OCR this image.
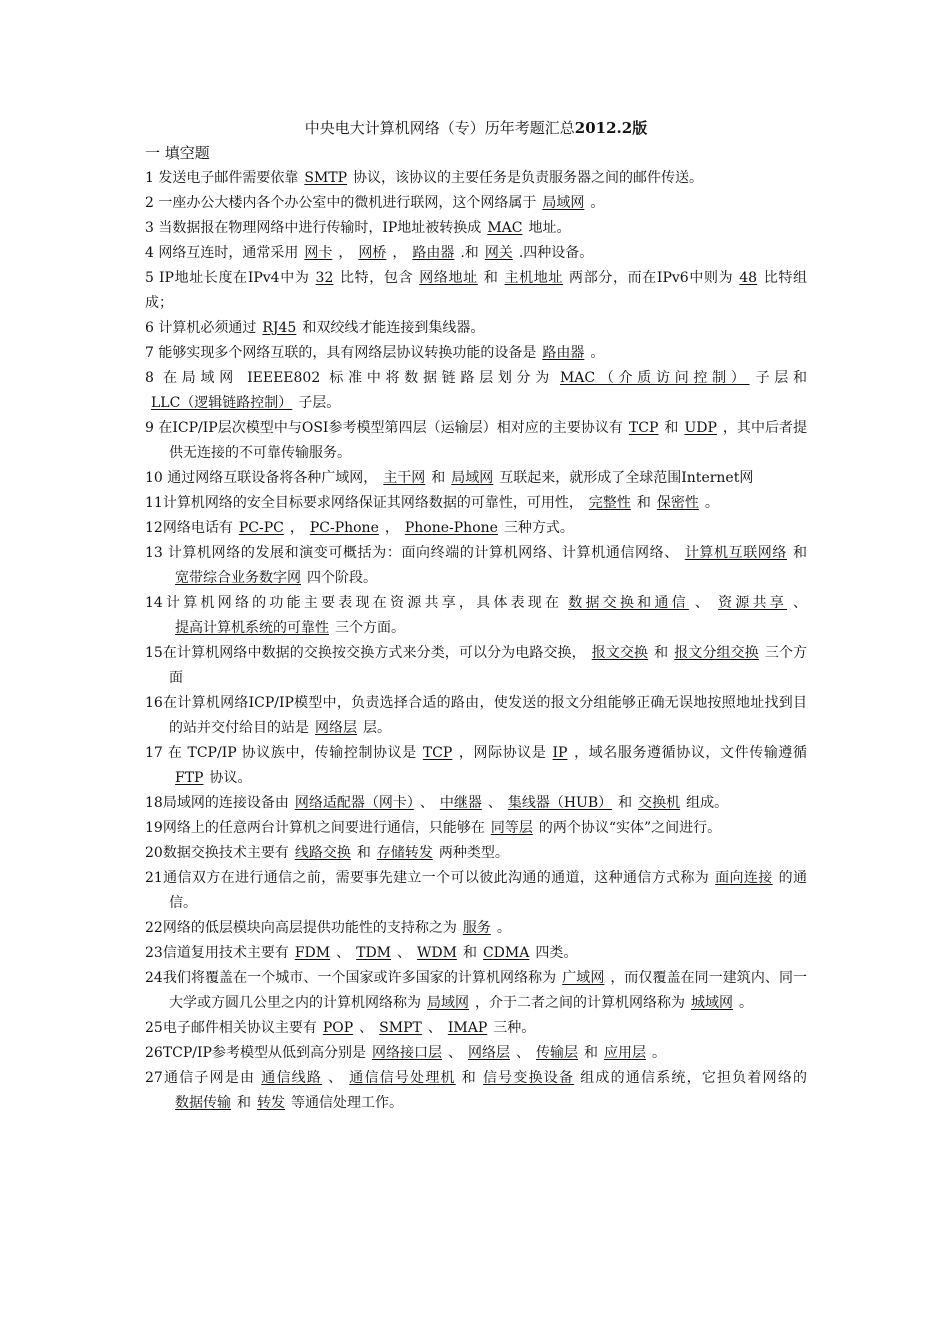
中央电大计算机网络（专）历年考题汇总2012.2版
一 填空题
1 发送电子邮件需要依靠 SMTP 协议，该协议的主要任务是负责服务器之间的邮件传送。
2 一座办公大楼内各个办公室中的微机进行联网，这个网络属于 局域网 。
3 当数据报在物理网络中进行传输时，IP地址被转换成 MAC 地址。
4 网络互连时，通常采用 网卡 ， 网桥 ， 路由器 .和 网关 .四种设备。
5 IP地址长度在IPv4中为 32 比特，包含 网络地址 和 主机地址 两部分，而在IPv6中则为 48 比特组成；
6 计算机必须通过 RJ45 和双绞线才能连接到集线器。
7 能够实现多个网络互联的，具有网络层协议转换功能的设备是 路由器 。
8 在局域网 IEEEE802 标准中将数据链路层划分为 MAC（介质访问控制） 子层和LLC（逻辑链路控制） 子层。
9 在ICP/IP层次模型中与OSI参考模型第四层（运输层）相对应的主要协议有 TCP 和 UDP ，其中后者提供无连接的不可靠传输服务。
10 通过网络互联设备将各种广域网， 主干网 和 局域网 互联起来，就形成了全球范围Internet网
11计算机网络的安全目标要求网络保证其网络数据的可靠性，可用性， 完整性 和 保密性 。
12网络电话有 PC-PC ， PC-Phone ， Phone-Phone 三种方式。
13 计算机网络的发展和演变可概括为：面向终端的计算机网络、计算机通信网络、 计算机互联网络 和宽带综合业务数字网 四个阶段。
14计算机网络的功能主要表现在资源共享，具体表现在 数据交换和通信 、 资源共享 、提高计算机系统的可靠性 三个方面。
15在计算机网络中数据的交换按交换方式来分类，可以分为电路交换， 报文交换 和 报文分组交换 三个方面
16在计算机网络ICP/IP模型中，负责选择合适的路由，使发送的报文分组能够正确无误地按照地址找到目的站并交付给目的站是 网络层 层。
17 在 TCP/IP 协议族中，传输控制协议是 TCP ，网际协议是 IP ，域名服务遵循协议，文件传输遵循FTP 协议。
18局域网的连接设备由 网络适配器（网卡） 、 中继器 、 集线器（HUB） 和 交换机 组成。
19网络上的任意两台计算机之间要进行通信，只能够在 同等层 的两个协议“实体”之间进行。
20数据交换技术主要有 线路交换 和 存储转发 两种类型。
21通信双方在进行通信之前，需要事先建立一个可以彼此沟通的通道，这种通信方式称为 面向连接 的通信。
22网络的低层模块向高层提供功能性的支持称之为 服务 。
23信道复用技术主要有 FDM 、 TDM 、 WDM 和 CDMA 四类。
24我们将覆盖在一个城市、一个国家或许多国家的计算机网络称为 广域网 ，而仅覆盖在同一建筑内、同一大学或方圆几公里之内的计算机网络称为 局域网 ，介于二者之间的计算机网络称为 城域网 。
25电子邮件相关协议主要有 POP 、 SMPT 、 IMAP 三种。
26TCP/IP参考模型从低到高分别是 网络接口层 、 网络层 、 传输层 和 应用层 。
27通信子网是由 通信线路 、 通信信号处理机 和 信号变换设备 组成的通信系统，它担负着网络的数据传输 和 转发 等通信处理工作。
